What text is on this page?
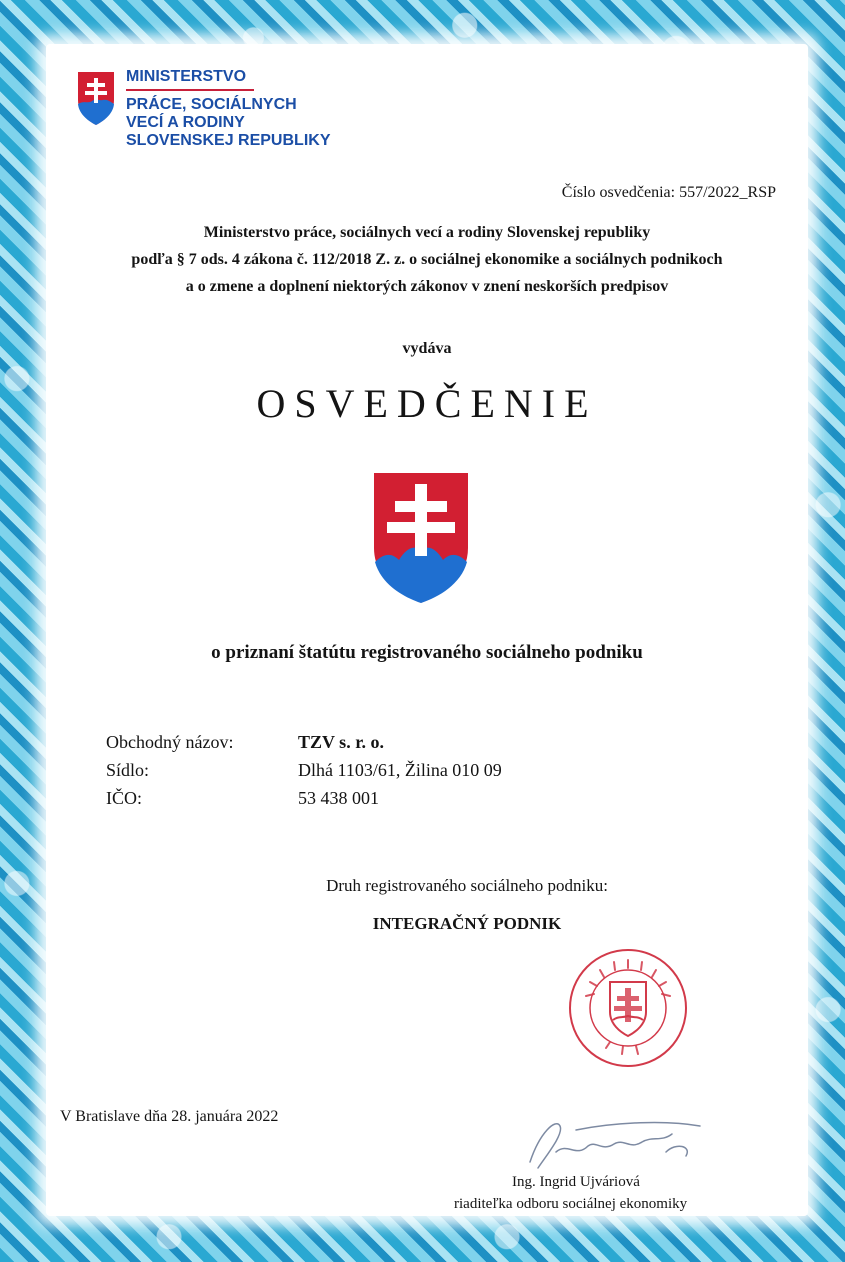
MINISTERSTVO
PRÁCE, SOCIÁLNYCH
VECÍ A RODINY
SLOVENSKEJ REPUBLIKY
Číslo osvedčenia: 557/2022_RSP
Ministerstvo práce, sociálnych vecí a rodiny Slovenskej republiky
podľa § 7 ods. 4 zákona č. 112/2018 Z. z. o sociálnej ekonomike a sociálnych podnikoch
a o zmene a doplnení niektorých zákonov v znení neskorších predpisov
vydáva
OSVEDČENIE
o priznaní štatútu registrovaného sociálneho podniku
Obchodný názov:
Sídlo:
IČO:
TZV s. r. o.
Dlhá 1103/61, Žilina 010 09
53 438 001
Druh registrovaného sociálneho podniku:
INTEGRAČNÝ PODNIK
V Bratislave dňa 28. januára 2022
Ing. Ingrid Ujváriová
riaditeľka odboru sociálnej ekonomiky
